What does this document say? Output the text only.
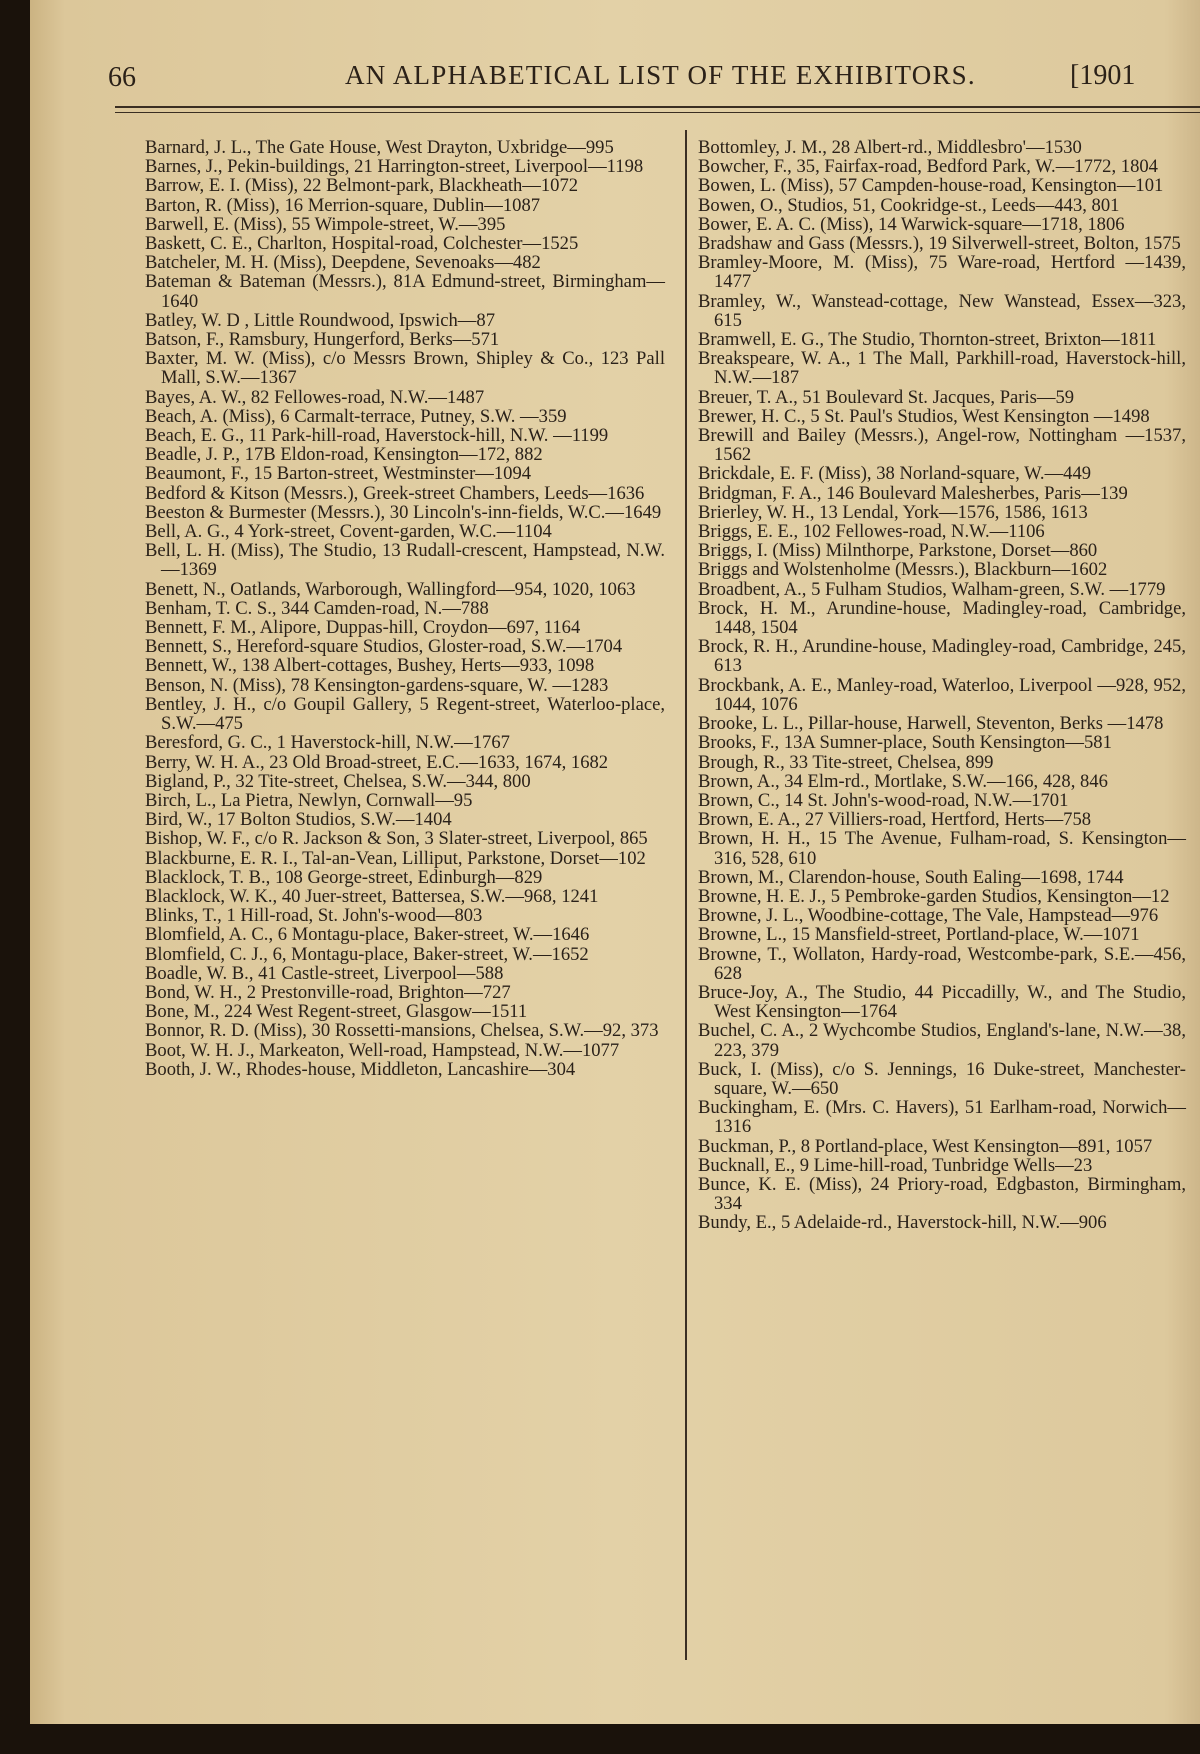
66	AN ALPHABETICAL LIST OF THE EXHIBITORS.	[1901

Barnard, J. L., The Gate House, West Drayton, Uxbridge—995

Barnes, J., Pekin-buildings, 21 Harrington-street, Liverpool—1198

Barrow, E. I. (Miss), 22 Belmont-park, Blackheath—1072

Barton, R. (Miss), 16 Merrion-square, Dublin—1087

Barwell, E. (Miss), 55 Wimpole-street, W.—395

Baskett, C. E., Charlton, Hospital-road, Colchester—1525

Batcheler, M. H. (Miss), Deepdene, Sevenoaks—482

Bateman & Bateman (Messrs.), 81A Edmund-street, Birmingham—1640

Batley, W. D , Little Roundwood, Ipswich—87

Batson, F., Ramsbury, Hungerford, Berks—571

Baxter, M. W. (Miss), c/o Messrs Brown, Shipley & Co., 123 Pall Mall, S.W.—1367

Bayes, A. W., 82 Fellowes-road, N.W.—1487

Beach, A. (Miss), 6 Carmalt-terrace, Putney, S.W. —359

Beach, E. G., 11 Park-hill-road, Haverstock-hill, N.W. —1199

Beadle, J. P., 17B Eldon-road, Kensington—172, 882

Beaumont, F., 15 Barton-street, Westminster—1094

Bedford & Kitson (Messrs.), Greek-street Chambers, Leeds—1636

Beeston & Burmester (Messrs.), 30 Lincoln's-inn-fields, W.C.—1649

Bell, A. G., 4 York-street, Covent-garden, W.C.—1104

Bell, L. H. (Miss), The Studio, 13 Rudall-crescent, Hampstead, N.W.—1369

Benett, N., Oatlands, Warborough, Wallingford—954, 1020, 1063

Benham, T. C. S., 344 Camden-road, N.—788

Bennett, F. M., Alipore, Duppas-hill, Croydon—697, 1164

Bennett, S., Hereford-square Studios, Gloster-road, S.W.—1704

Bennett, W., 138 Albert-cottages, Bushey, Herts—933, 1098

Benson, N. (Miss), 78 Kensington-gardens-square, W. —1283

Bentley, J. H., c/o Goupil Gallery, 5 Regent-street, Waterloo-place, S.W.—475

Beresford, G. C., 1 Haverstock-hill, N.W.—1767

Berry, W. H. A., 23 Old Broad-street, E.C.—1633, 1674, 1682

Bigland, P., 32 Tite-street, Chelsea, S.W.—344, 800

Birch, L., La Pietra, Newlyn, Cornwall—95

Bird, W., 17 Bolton Studios, S.W.—1404

Bishop, W. F., c/o R. Jackson & Son, 3 Slater-street, Liverpool, 865

Blackburne, E. R. I., Tal-an-Vean, Lilliput, Parkstone, Dorset—102

Blacklock, T. B., 108 George-street, Edinburgh—829

Blacklock, W. K., 40 Juer-street, Battersea, S.W.—968, 1241

Blinks, T., 1 Hill-road, St. John's-wood—803

Blomfield, A. C., 6 Montagu-place, Baker-street, W.—1646

Blomfield, C. J., 6, Montagu-place, Baker-street, W.—1652

Boadle, W. B., 41 Castle-street, Liverpool—588

Bond, W. H., 2 Prestonville-road, Brighton—727

Bone, M., 224 West Regent-street, Glasgow—1511

Bonnor, R. D. (Miss), 30 Rossetti-mansions, Chelsea, S.W.—92, 373

Boot, W. H. J., Markeaton, Well-road, Hampstead, N.W.—1077

Booth, J. W., Rhodes-house, Middleton, Lancashire—304

Bottomley, J. M., 28 Albert-rd., Middlesbro'—1530

Bowcher, F., 35, Fairfax-road, Bedford Park, W.—1772, 1804

Bowen, L. (Miss), 57 Campden-house-road, Kensington—101

Bowen, O., Studios, 51, Cookridge-st., Leeds—443, 801

Bower, E. A. C. (Miss), 14 Warwick-square—1718, 1806

Bradshaw and Gass (Messrs.), 19 Silverwell-street, Bolton, 1575

Bramley-Moore, M. (Miss), 75 Ware-road, Hertford —1439, 1477

Bramley, W., Wanstead-cottage, New Wanstead, Essex—323, 615

Bramwell, E. G., The Studio, Thornton-street, Brixton—1811

Breakspeare, W. A., 1 The Mall, Parkhill-road, Haverstock-hill, N.W.—187

Breuer, T. A., 51 Boulevard St. Jacques, Paris—59

Brewer, H. C., 5 St. Paul's Studios, West Kensington —1498

Brewill and Bailey (Messrs.), Angel-row, Nottingham —1537, 1562

Brickdale, E. F. (Miss), 38 Norland-square, W.—449

Bridgman, F. A., 146 Boulevard Malesherbes, Paris—139

Brierley, W. H., 13 Lendal, York—1576, 1586, 1613

Briggs, E. E., 102 Fellowes-road, N.W.—1106

Briggs, I. (Miss) Milnthorpe, Parkstone, Dorset—860

Briggs and Wolstenholme (Messrs.), Blackburn—1602

Broadbent, A., 5 Fulham Studios, Walham-green, S.W. —1779

Brock, H. M., Arundine-house, Madingley-road, Cambridge, 1448, 1504

Brock, R. H., Arundine-house, Madingley-road, Cambridge, 245, 613

Brockbank, A. E., Manley-road, Waterloo, Liverpool —928, 952, 1044, 1076

Brooke, L. L., Pillar-house, Harwell, Steventon, Berks —1478

Brooks, F., 13A Sumner-place, South Kensington—581

Brough, R., 33 Tite-street, Chelsea, 899

Brown, A., 34 Elm-rd., Mortlake, S.W.—166, 428, 846

Brown, C., 14 St. John's-wood-road, N.W.—1701

Brown, E. A., 27 Villiers-road, Hertford, Herts—758

Brown, H. H., 15 The Avenue, Fulham-road, S. Kensington—316, 528, 610

Brown, M., Clarendon-house, South Ealing—1698, 1744

Browne, H. E. J., 5 Pembroke-garden Studios, Kensington—12

Browne, J. L., Woodbine-cottage, The Vale, Hampstead—976

Browne, L., 15 Mansfield-street, Portland-place, W.—1071

Browne, T., Wollaton, Hardy-road, Westcombe-park, S.E.—456, 628

Bruce-Joy, A., The Studio, 44 Piccadilly, W., and The Studio, West Kensington—1764

Buchel, C. A., 2 Wychcombe Studios, England's-lane, N.W.—38, 223, 379

Buck, I. (Miss), c/o S. Jennings, 16 Duke-street, Manchester-square, W.—650

Buckingham, E. (Mrs. C. Havers), 51 Earlham-road, Norwich—1316

Buckman, P., 8 Portland-place, West Kensington—891, 1057

Bucknall, E., 9 Lime-hill-road, Tunbridge Wells—23

Bunce, K. E. (Miss), 24 Priory-road, Edgbaston, Birmingham, 334

Bundy, E., 5 Adelaide-rd., Haverstock-hill, N.W.—906
